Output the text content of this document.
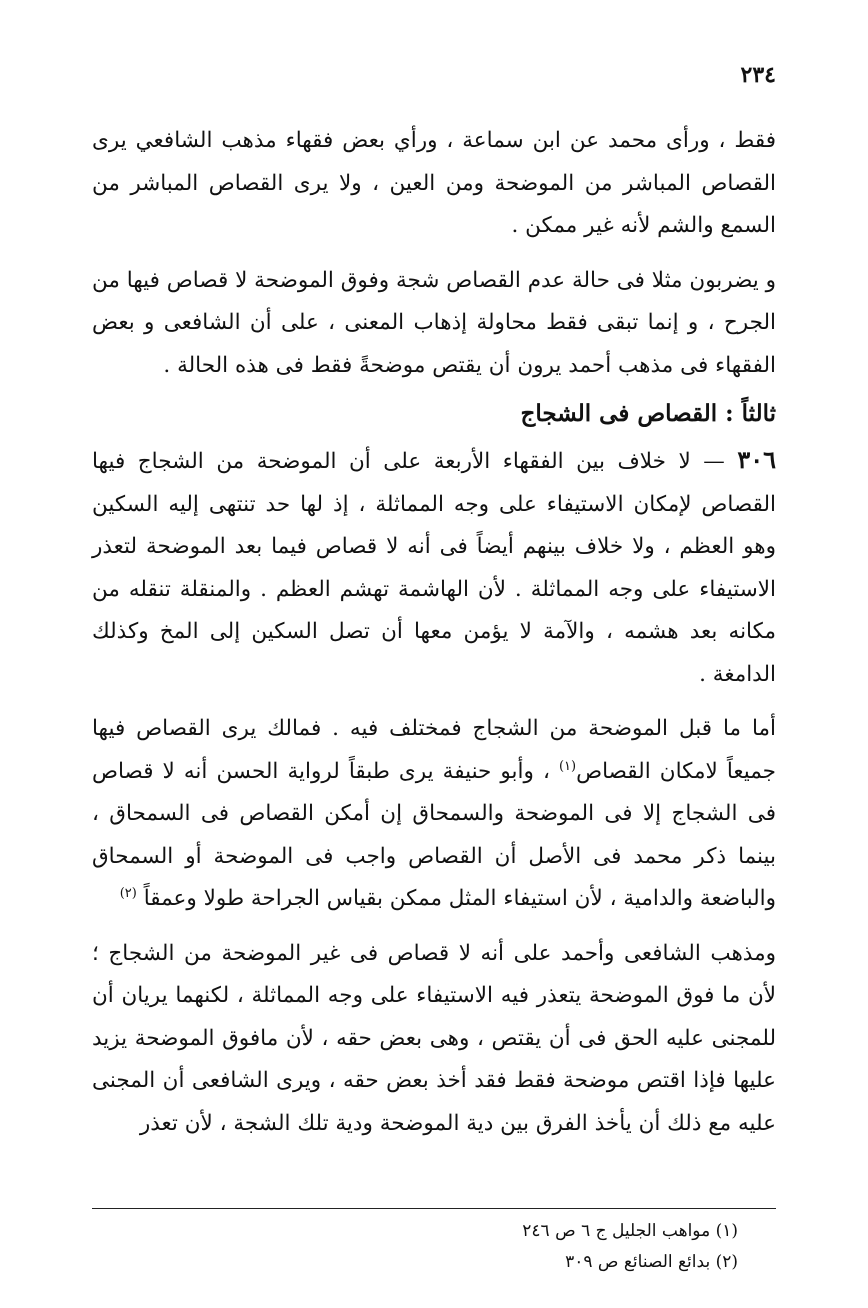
٢٣٤

فقط ، ورأى محمد عن ابن سماعة ، ورأي بعض فقهاء مذهب الشافعي يرى القصاص المباشر من الموضحة ومن العين ، ولا يرى القصاص المباشر من السمع والشم لأنه غير ممكن .

و يضربون مثلا فى حالة عدم القصاص شجة وفوق الموضحة لا قصاص فيها من الجرح ، و إنما تبقى فقط محاولة إذهاب المعنى ، على أن الشافعى و بعض الفقهاء فى مذهب أحمد يرون أن يقتص موضحةً فقط فى هذه الحالة .

ثالثاً : القصاص فى الشجاج

٣٠٦ — لا خلاف بين الفقهاء الأربعة على أن الموضحة من الشجاج فيها القصاص لإمكان الاستيفاء على وجه المماثلة ، إذ لها حد تنتهى إليه السكين وهو العظم ، ولا خلاف بينهم أيضاً فى أنه لا قصاص فيما بعد الموضحة لتعذر الاستيفاء على وجه المماثلة . لأن الهاشمة تهشم العظم . والمنقلة تنقله من مكانه بعد هشمه ، والآمة لا يؤمن معها أن تصل السكين إلى المخ وكذلك الدامغة .

أما ما قبل الموضحة من الشجاج فمختلف فيه . فمالك يرى القصاص فيها جميعاً لامكان القصاص$^{(١)}$ ، وأبو حنيفة يرى طبقاً لرواية الحسن أنه لا قصاص فى الشجاج إلا فى الموضحة والسمحاق إن أمكن القصاص فى السمحاق ، بينما ذكر محمد فى الأصل أن القصاص واجب فى الموضحة أو السمحاق والباضعة والدامية ، لأن استيفاء المثل ممكن بقياس الجراحة طولا وعمقاً $^{(٢)}$

ومذهب الشافعى وأحمد على أنه لا قصاص فى غير الموضحة من الشجاج ؛ لأن ما فوق الموضحة يتعذر فيه الاستيفاء على وجه المماثلة ، لكنهما يريان أن للمجنى عليه الحق فى أن يقتص ، وهى بعض حقه ، لأن مافوق الموضحة يزيد عليها فإذا اقتص موضحة فقط فقد أخذ بعض حقه ، ويرى الشافعى أن المجنى عليه مع ذلك أن يأخذ الفرق بين دية الموضحة ودية تلك الشجة ، لأن تعذر

(١) مواهب الجليل ج ٦ ص ٢٤٦

(٢) بدائع الصنائع ص ٣٠٩
